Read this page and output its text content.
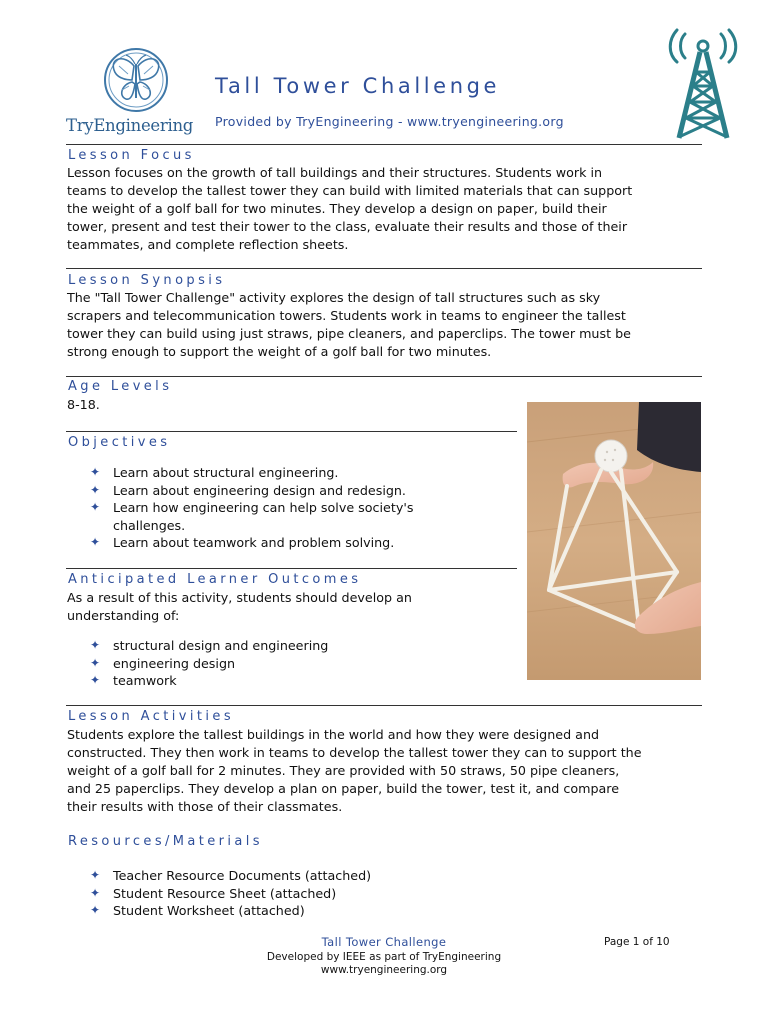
TryEngineering
Tall Tower Challenge
Provided by TryEngineering - www.tryengineering.org
Lesson Focus
Lesson focuses on the growth of tall buildings and their structures. Students work in
teams to develop the tallest tower they can build with limited materials that can support
the weight of a golf ball for two minutes. They develop a design on paper, build their
tower, present and test their tower to the class, evaluate their results and those of their
teammates, and complete reflection sheets.
Lesson Synopsis
The "Tall Tower Challenge" activity explores the design of tall structures such as sky
scrapers and telecommunication towers. Students work in teams to engineer the tallest
tower they can build using just straws, pipe cleaners, and paperclips. The tower must be
strong enough to support the weight of a golf ball for two minutes.
Age Levels
8-18.
Objectives
✦ Learn about structural engineering.
✦ Learn about engineering design and redesign.
✦ Learn how engineering can help solve society's
challenges.
✦ Learn about teamwork and problem solving.
Anticipated Learner Outcomes
As a result of this activity, students should develop an
understanding of:
✦ structural design and engineering
✦ engineering design
✦ teamwork
Lesson Activities
Students explore the tallest buildings in the world and how they were designed and
constructed. They then work in teams to develop the tallest tower they can to support the
weight of a golf ball for 2 minutes. They are provided with 50 straws, 50 pipe cleaners,
and 25 paperclips. They develop a plan on paper, build the tower, test it, and compare
their results with those of their classmates.
Resources/Materials
✦ Teacher Resource Documents (attached)
✦ Student Resource Sheet (attached)
✦ Student Worksheet (attached)
Tall Tower Challenge	Page 1 of 10
Developed by IEEE as part of TryEngineering
www.tryengineering.org
